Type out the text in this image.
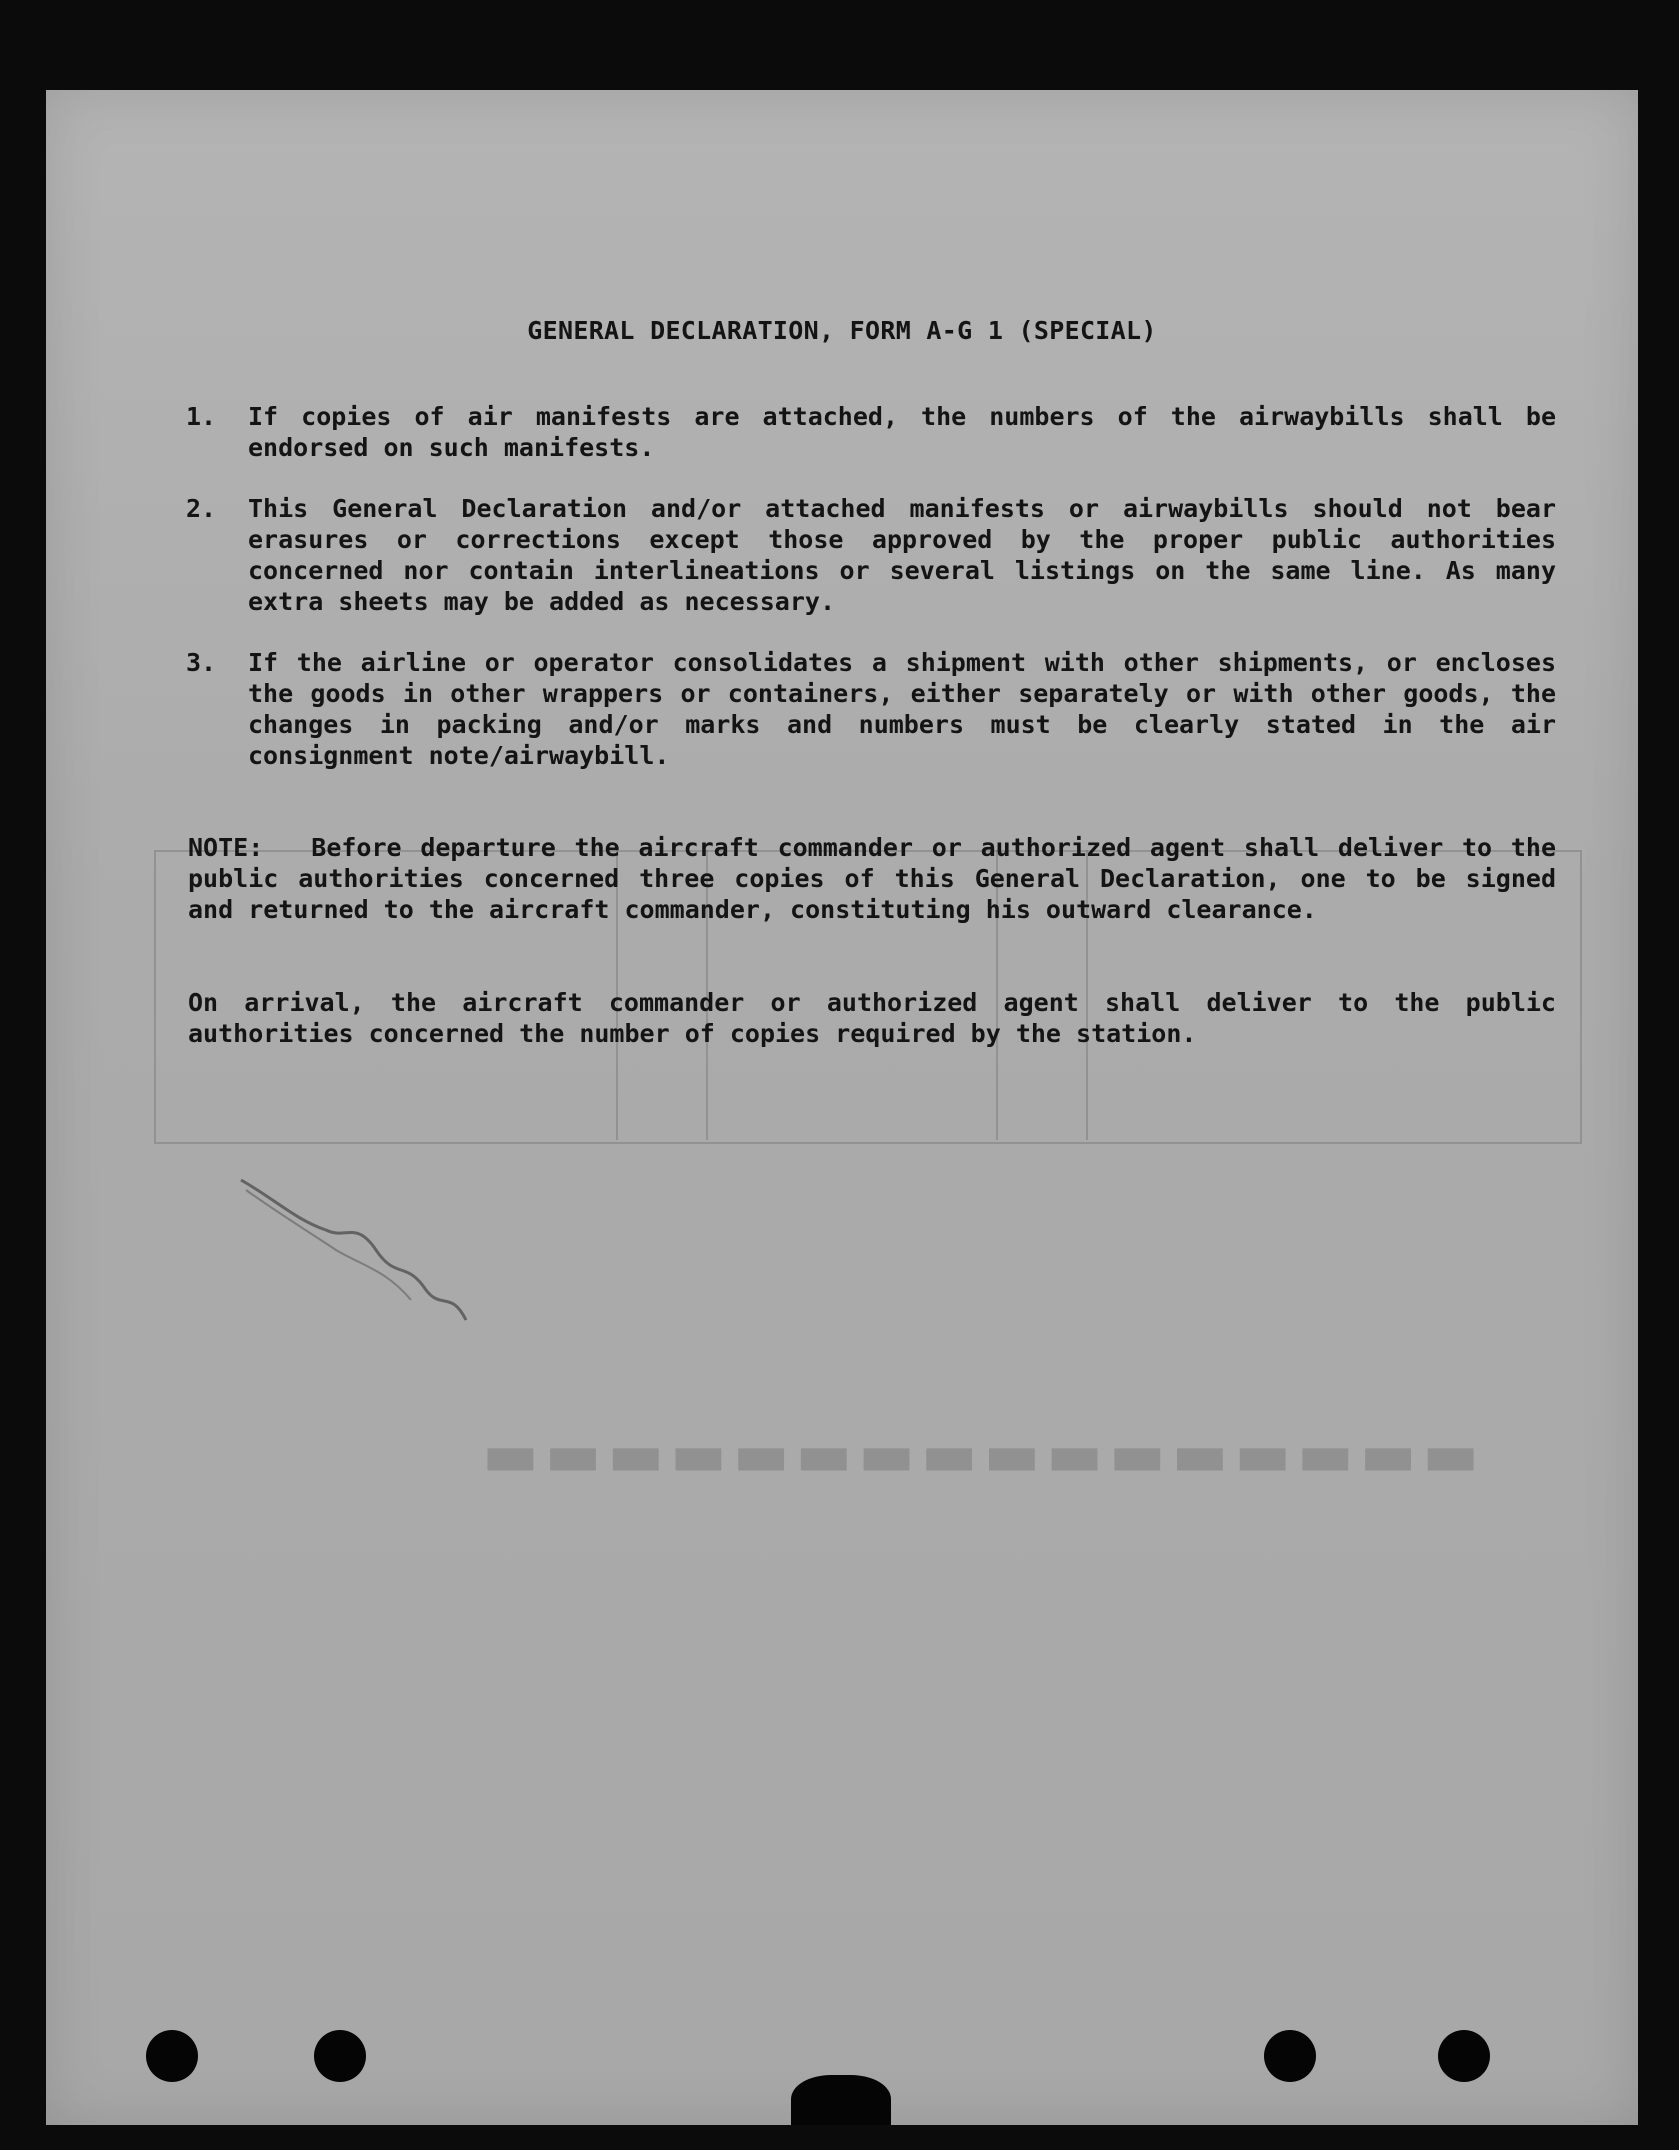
▬▬▬▬▬▬▬▬▬▬▬▬▬▬▬▬
GENERAL DECLARATION, FORM A-G 1 (SPECIAL)
1.	If copies of air manifests are attached, the numbers of the airwaybills shall be endorsed on such manifests.
2.	This General Declaration and/or attached manifests or airwaybills should not bear erasures or corrections except those approved by the proper public authorities concerned nor contain interlineations or several listings on the same line. As many extra sheets may be added as necessary.
3.	If the airline or operator consolidates a shipment with other shipments, or encloses the goods in other wrappers or containers, either separately or with other goods, the changes in packing and/or marks and numbers must be clearly stated in the air consignment note/airwaybill.
NOTE: Before departure the aircraft commander or authorized agent shall deliver to the public authorities concerned three copies of this General Declaration, one to be signed and returned to the aircraft commander, constituting his outward clearance.
On arrival, the aircraft commander or authorized agent shall deliver to the public authorities concerned the number of copies required by the station.
